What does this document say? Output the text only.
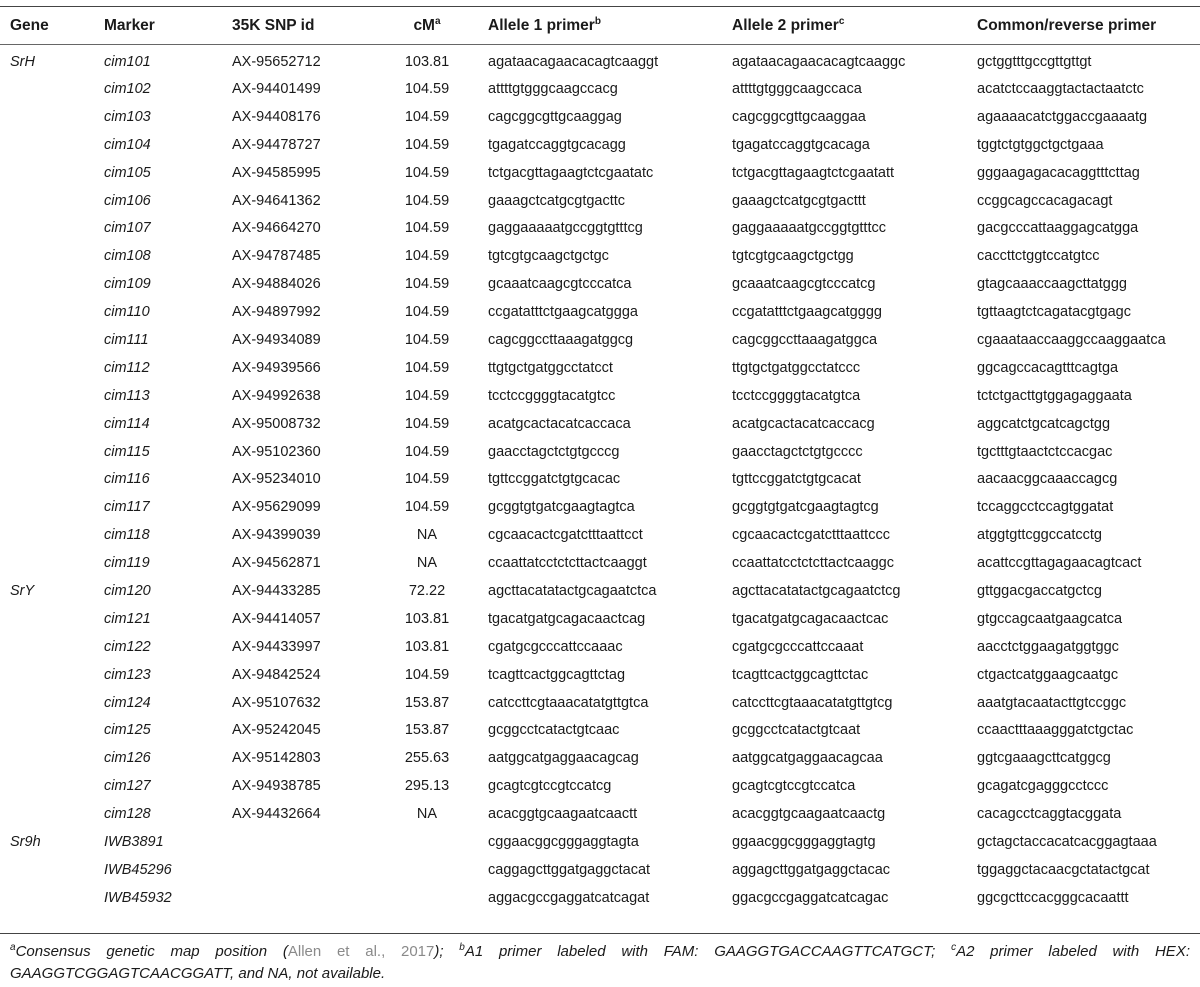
Gene	Marker	35K SNP id	$cM^a$	Allele 1 primer$^b$	Allele 2 primer$^c$	Common/reverse primer
SrH	cim101	AX-95652712	103.81	agataacagaacacagtcaaggt	agataacagaacacagtcaaggc	gctggtttgccgttgttgt
	cim102	AX-94401499	104.59	attttgtgggcaagccacg	attttgtgggcaagccaca	acatctccaaggtactactaatctc
	cim103	AX-94408176	104.59	cagcggcgttgcaaggag	cagcggcgttgcaaggaa	agaaaacatctggaccgaaaatg
	cim104	AX-94478727	104.59	tgagatccaggtgcacagg	tgagatccaggtgcacaga	tggtctgtggctgctgaaa
	cim105	AX-94585995	104.59	tctgacgttagaagtctcgaatatc	tctgacgttagaagtctcgaatatt	gggaagagacacaggtttcttag
	cim106	AX-94641362	104.59	gaaagctcatgcgtgacttc	gaaagctcatgcgtgacttt	ccggcagccacagacagt
	cim107	AX-94664270	104.59	gaggaaaaatgccggtgtttcg	gaggaaaaatgccggtgtttcc	gacgcccattaaggagcatgga
	cim108	AX-94787485	104.59	tgtcgtgcaagctgctgc	tgtcgtgcaagctgctgg	caccttctggtccatgtcc
	cim109	AX-94884026	104.59	gcaaatcaagcgtcccatca	gcaaatcaagcgtcccatcg	gtagcaaaccaagcttatggg
	cim110	AX-94897992	104.59	ccgatatttctgaagcatggga	ccgatatttctgaagcatgggg	tgttaagtctcagatacgtgagc
	cim111	AX-94934089	104.59	cagcggccttaaagatggcg	cagcggccttaaagatggca	cgaaataaccaaggccaaggaatca
	cim112	AX-94939566	104.59	ttgtgctgatggcctatcct	ttgtgctgatggcctatccc	ggcagccacagtttcagtga
	cim113	AX-94992638	104.59	tcctccggggtacatgtcc	tcctccggggtacatgtca	tctctgacttgtggagaggaata
	cim114	AX-95008732	104.59	acatgcactacatcaccaca	acatgcactacatcaccacg	aggcatctgcatcagctgg
	cim115	AX-95102360	104.59	gaacctagctctgtgcccg	gaacctagctctgtgcccc	tgctttgtaactctccacgac
	cim116	AX-95234010	104.59	tgttccggatctgtgcacac	tgttccggatctgtgcacat	aacaacggcaaaccagcg
	cim117	AX-95629099	104.59	gcggtgtgatcgaagtagtca	gcggtgtgatcgaagtagtcg	tccaggcctccagtggatat
	cim118	AX-94399039	NA	cgcaacactcgatctttaattcct	cgcaacactcgatctttaattccc	atggtgttcggccatcctg
	cim119	AX-94562871	NA	ccaattatcctctcttactcaaggt	ccaattatcctctcttactcaaggc	acattccgttagagaacagtcact
SrY	cim120	AX-94433285	72.22	agcttacatatactgcagaatctca	agcttacatatactgcagaatctcg	gttggacgaccatgctcg
	cim121	AX-94414057	103.81	tgacatgatgcagacaactcag	tgacatgatgcagacaactcac	gtgccagcaatgaagcatca
	cim122	AX-94433997	103.81	cgatgcgcccattccaaac	cgatgcgcccattccaaat	aacctctggaagatggtggc
	cim123	AX-94842524	104.59	tcagttcactggcagttctag	tcagttcactggcagttctac	ctgactcatggaagcaatgc
	cim124	AX-95107632	153.87	catccttcgtaaacatatgttgtca	catccttcgtaaacatatgttgtcg	aaatgtacaatacttgtccggc
	cim125	AX-95242045	153.87	gcggcctcatactgtcaac	gcggcctcatactgtcaat	ccaactttaaagggatctgctac
	cim126	AX-95142803	255.63	aatggcatgaggaacagcag	aatggcatgaggaacagcaa	ggtcgaaagcttcatggcg
	cim127	AX-94938785	295.13	gcagtcgtccgtccatcg	gcagtcgtccgtccatca	gcagatcgagggcctccc
	cim128	AX-94432664	NA	acacggtgcaagaatcaactt	acacggtgcaagaatcaactg	cacagcctcaggtacggata
Sr9h	IWB3891			cggaacggcgggaggtagta	ggaacggcgggaggtagtg	gctagctaccacatcacggagtaaa
	IWB45296			caggagcttggatgaggctacat	aggagcttggatgaggctacac	tggaggctacaacgctatactgcat
	IWB45932			aggacgccgaggatcatcagat	ggacgccgaggatcatcagac	ggcgcttccacgggcacaattt
$^a$Consensus genetic map position (Allen et al., 2017); $^b$A1 primer labeled with FAM: GAAGGTGACCAAGTTCATGCT; $^c$A2 primer labeled with HEX: GAAGGTCGGAGTCAACGGATT, and NA, not available.
